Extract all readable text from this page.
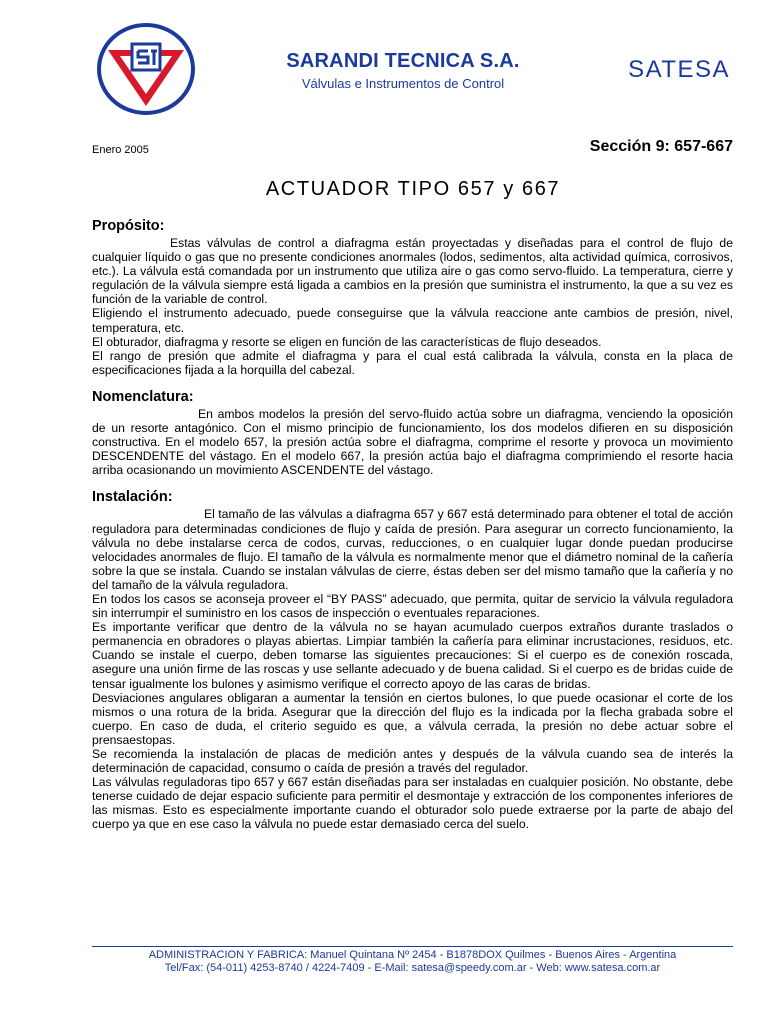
SARANDI TECNICA S.A.
Válvulas e Instrumentos de Control
SATESA
Enero 2005	Sección 9: 657-667
ACTUADOR TIPO 657 y 667
Propósito:

Estas válvulas de control a diafragma están proyectadas y diseñadas para el control de flujo de cualquier líquido o gas que no presente condiciones anormales (lodos, sedimentos, alta actividad química, corrosivos, etc.). La válvula está comandada por un instrumento que utiliza aire o gas como servo-fluido. La temperatura, cierre y regulación de la válvula siempre está ligada a cambios en la presión que suministra el instrumento, la que a su vez es función de la variable de control.

Eligiendo el instrumento adecuado, puede conseguirse que la válvula reaccione ante cambios de presión, nivel, temperatura, etc.

El obturador, diafragma y resorte se eligen en función de las características de flujo deseados.

El rango de presión que admite el diafragma y para el cual está calibrada la válvula, consta en la placa de especificaciones fijada a la horquilla del cabezal.

Nomenclatura:

En ambos modelos la presión del servo-fluido actúa sobre un diafragma, venciendo la oposición de un resorte antagónico. Con el mismo principio de funcionamiento, los dos modelos difieren en su disposición constructiva. En el modelo 657, la presión actúa sobre el diafragma, comprime el resorte y provoca un movimiento DESCENDENTE del vástago. En el modelo 667, la presión actúa bajo el diafragma comprimiendo el resorte hacia arriba ocasionando un movimiento ASCENDENTE del vástago.

Instalación:

El tamaño de las válvulas a diafragma 657 y 667 está determinado para obtener el total de acción reguladora para determinadas condiciones de flujo y caída de presión. Para asegurar un correcto funcionamiento, la válvula no debe instalarse cerca de codos, curvas, reducciones, o en cualquier lugar donde puedan producirse velocidades anormales de flujo. El tamaño de la válvula es normalmente menor que el diámetro nominal de la cañería sobre la que se instala. Cuando se instalan válvulas de cierre, éstas deben ser del mismo tamaño que la cañería y no del tamaño de la válvula reguladora.

En todos los casos se aconseja proveer el “BY PASS” adecuado, que permita, quitar de servicio la válvula reguladora sin interrumpir el suministro en los casos de inspección o eventuales reparaciones.

Es importante verificar que dentro de la válvula no se hayan acumulado cuerpos extraños durante traslados o permanencia en obradores o playas abiertas. Limpiar también la cañería para eliminar incrustaciones, residuos, etc. Cuando se instale el cuerpo, deben tomarse las siguientes precauciones: Si el cuerpo es de conexión roscada, asegure una unión firme de las roscas y use sellante adecuado y de buena calidad. Si el cuerpo es de bridas cuide de tensar igualmente los bulones y asimismo verifique el correcto apoyo de las caras de bridas.

Desviaciones angulares obligaran a aumentar la tensión en ciertos bulones, lo que puede ocasionar el corte de los mismos o una rotura de la brida. Asegurar que la dirección del flujo es la indicada por la flecha grabada sobre el cuerpo. En caso de duda, el criterio seguido es que, a válvula cerrada, la presión no debe actuar sobre el prensaestopas.

Se recomienda la instalación de placas de medición antes y después de la válvula cuando sea de interés la determinación de capacidad, consumo o caída de presión a través del regulador.

Las válvulas reguladoras tipo 657 y 667 están diseñadas para ser instaladas en cualquier posición. No obstante, debe tenerse cuidado de dejar espacio suficiente para permitir el desmontaje y extracción de los componentes inferiores de las mismas. Esto es especialmente importante cuando el obturador solo puede extraerse por la parte de abajo del cuerpo ya que en ese caso la válvula no puede estar demasiado cerca del suelo.

ADMINISTRACION Y FABRICA: Manuel Quintana Nº 2454 - B1878DOX Quilmes - Buenos Aires - Argentina
Tel/Fax: (54-011) 4253-8740 / 4224-7409 - E-Mail: satesa@speedy.com.ar - Web: www.satesa.com.ar
